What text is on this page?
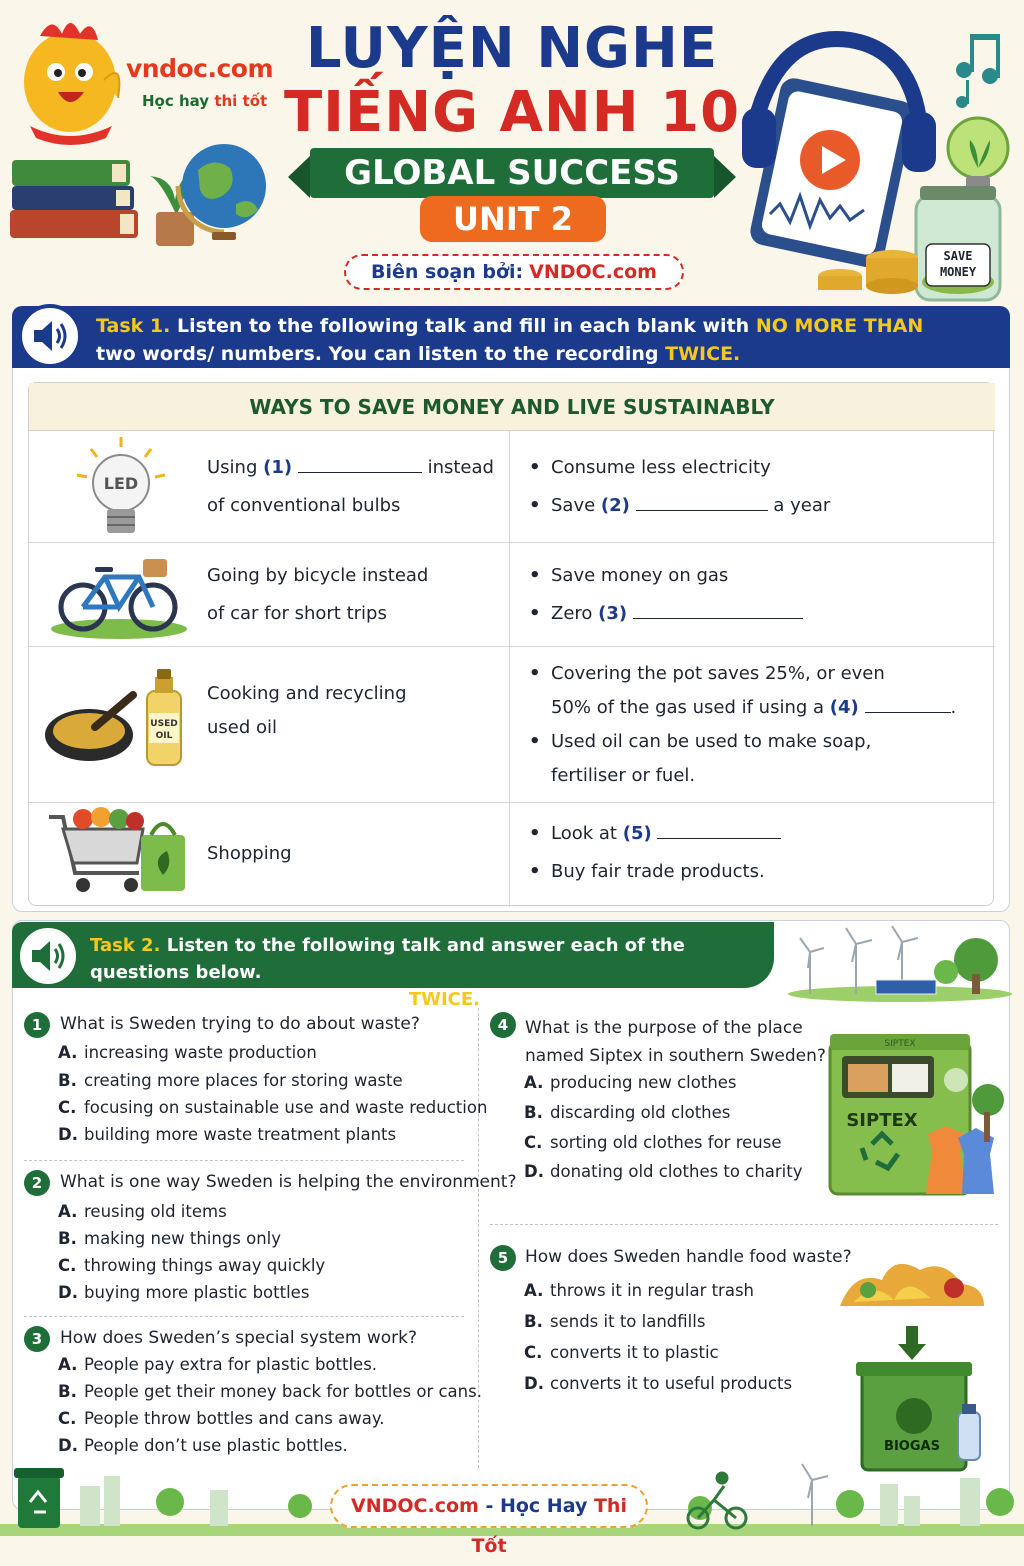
vndoc.com
Học hay thi tốt
LUYỆN NGHE
TIẾNG ANH 10
GLOBAL SUCCESS
UNIT 2
Biên soạn bởi: VNDOC.com
SAVE
MONEY
Task 1. Listen to the following talk and fill in each blank with NO MORE THAN
two words/ numbers. You can listen to the recording TWICE.
WAYS TO SAVE MONEY AND LIVE SUSTAINABLY
LED
Using (1)	instead
of conventional bulbs
• Consume less electricity
• Save (2)	a year
Going by bicycle instead
of car for short trips
• Save money on gas
• Zero (3)
USED
OIL
Cooking and recycling
used oil
• Covering the pot saves 25%, or even
50% of the gas used if using a (4)	.
• Used oil can be used to make soap,
fertiliser or fuel.
Shopping
• Look at (5)
• Buy fair trade products.
Task 2. Listen to the following talk and answer each of the questions below.
You can listen to the recording TWICE.
1	What is Sweden trying to do about waste?
A. increasing waste production
B. creating more places for storing waste
C. focusing on sustainable use and waste reduction
D. building more waste treatment plants
2	What is one way Sweden is helping the environment?
A. reusing old items
B. making new things only
C. throwing things away quickly
D. buying more plastic bottles
3	How does Sweden’s special system work?
A. People pay extra for plastic bottles.
B. People get their money back for bottles or cans.
C. People throw bottles and cans away.
D. People don’t use plastic bottles.
4 What is the purpose of the place
named Siptex in southern Sweden?
A. producing new clothes
B. discarding old clothes
C. sorting old clothes for reuse
D. donating old clothes to charity
SIPTEX
SIPTEX
5 How does Sweden handle food waste?
A. throws it in regular trash
B. sends it to landfills
C. converts it to plastic
D. converts it to useful products
BIOGAS
VNDOC.com - Học Hay Thi Tốt
